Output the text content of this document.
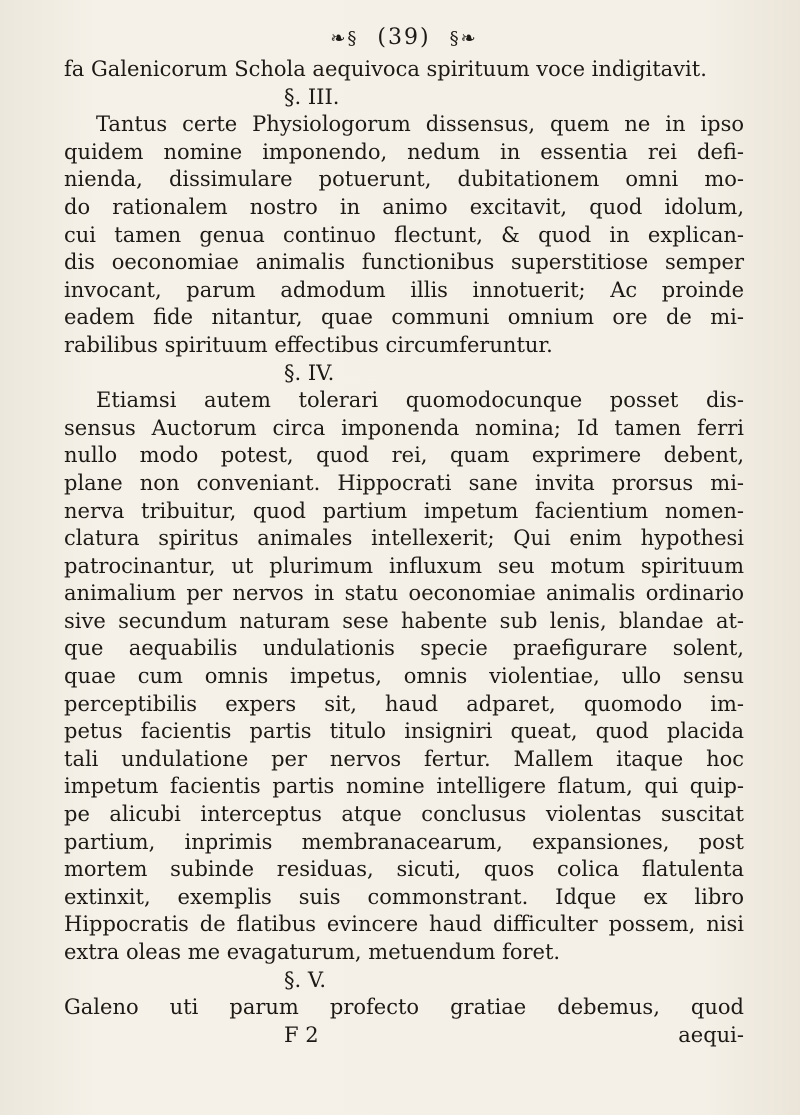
❧§ (39) §❧
fa Galenicorum Schola aequivoca spirituum voce indigitavit.
§. III.
Tantus certe Physiologorum dissensus, quem ne in ipso
quidem nomine imponendo, nedum in essentia rei defi-
nienda, dissimulare potuerunt, dubitationem omni mo-
do rationalem nostro in animo excitavit, quod idolum,
cui tamen genua continuo flectunt, & quod in explican-
dis oeconomiae animalis functionibus superstitiose semper
invocant, parum admodum illis innotuerit; Ac proinde
eadem fide nitantur, quae communi omnium ore de mi-
rabilibus spirituum effectibus circumferuntur.
§. IV.
Etiamsi autem tolerari quomodocunque posset dis-
sensus Auctorum circa imponenda nomina; Id tamen ferri
nullo modo potest, quod rei, quam exprimere debent,
plane non conveniant. Hippocrati sane invita prorsus mi-
nerva tribuitur, quod partium impetum facientium nomen-
clatura spiritus animales intellexerit; Qui enim hypothesi
patrocinantur, ut plurimum influxum seu motum spirituum
animalium per nervos in statu oeconomiae animalis ordinario
sive secundum naturam sese habente sub lenis, blandae at-
que aequabilis undulationis specie praefigurare solent,
quae cum omnis impetus, omnis violentiae, ullo sensu
perceptibilis expers sit, haud adparet, quomodo im-
petus facientis partis titulo insigniri queat, quod placida
tali undulatione per nervos fertur. Mallem itaque hoc
impetum facientis partis nomine intelligere flatum, qui quip-
pe alicubi interceptus atque conclusus violentas suscitat
partium, inprimis membranacearum, expansiones, post
mortem subinde residuas, sicuti, quos colica flatulenta
extinxit, exemplis suis commonstrant. Idque ex libro
Hippocratis de flatibus evincere haud difficulter possem, nisi
extra oleas me evagaturum, metuendum foret.
§. V.
Galeno uti parum profecto gratiae debemus, quod
F 2	aequi-
